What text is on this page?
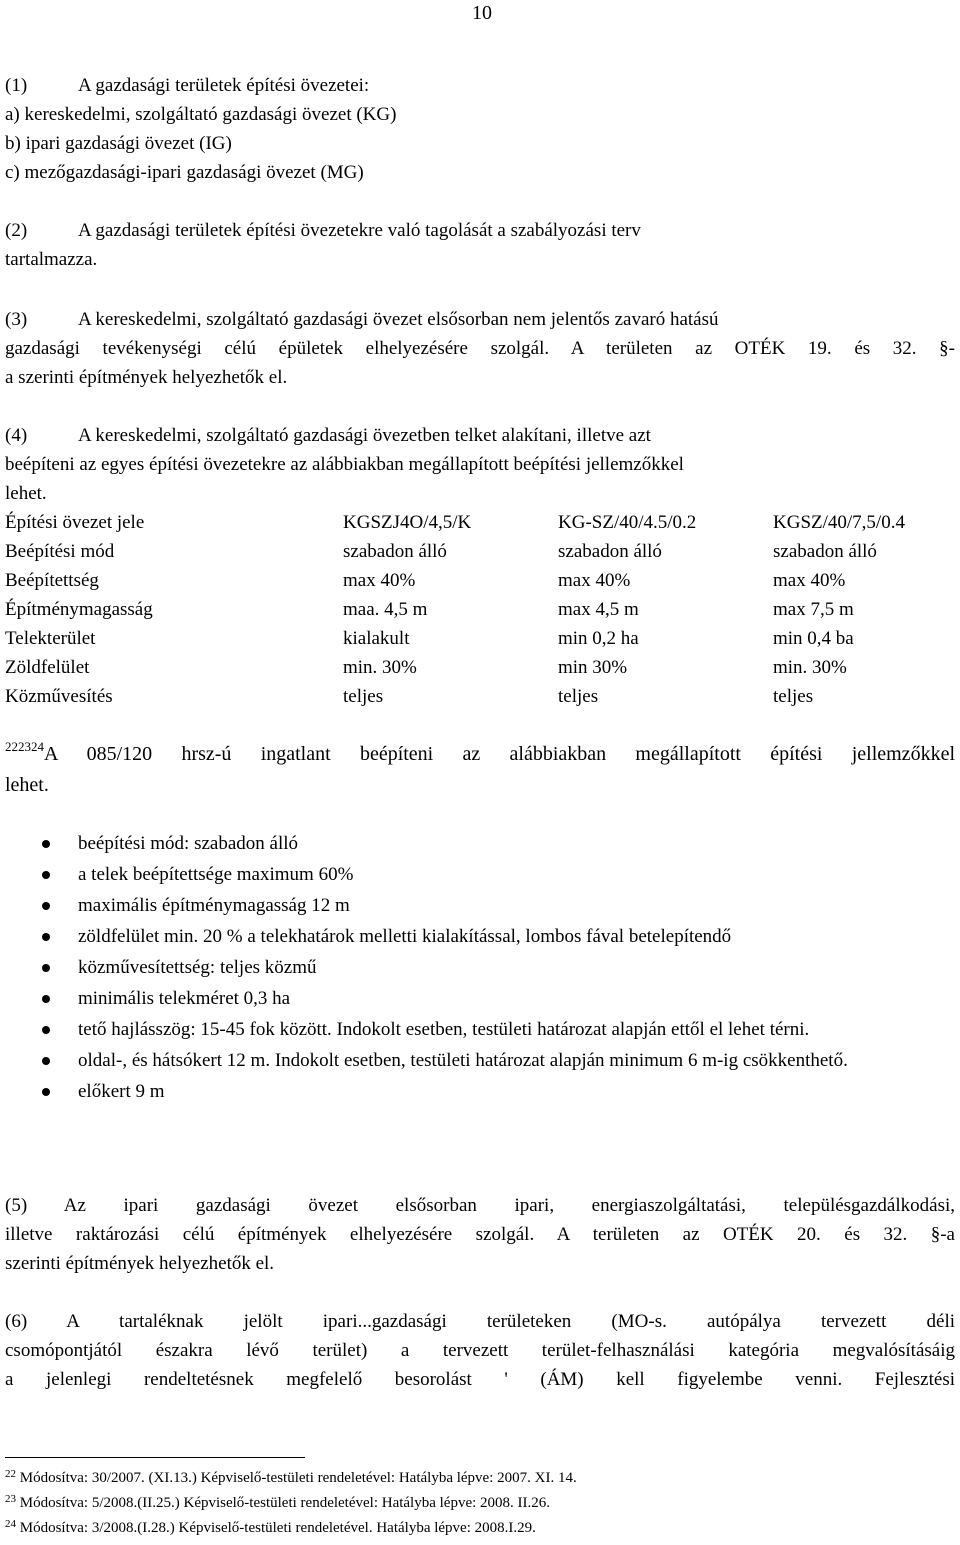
10
(1)	A gazdasági területek építési övezetei:
a) kereskedelmi, szolgáltató gazdasági övezet (KG)
b) ipari gazdasági övezet (IG)
c) mezőgazdasági-ipari gazdasági övezet (MG)
(2)	A gazdasági területek építési övezetekre való tagolását a szabályozási terv
tartalmazza.
(3)	A kereskedelmi, szolgáltató gazdasági övezet elsősorban nem jelentős zavaró hatású
gazdasági tevékenységi célú épületek elhelyezésére szolgál. A területen az OTÉK 19. és 32. §-
a szerinti építmények helyezhetők el.
(4)	A kereskedelmi, szolgáltató gazdasági övezetben telket alakítani, illetve azt
beépíteni az egyes építési övezetekre az alábbiakban megállapított beépítési jellemzőkkel
lehet.
Építési övezet jele	KGSZJ4O/4,5/K	KG-SZ/40/4.5/0.2	KGSZ/40/7,5/0.4
Beépítési mód	szabadon álló	szabadon álló	szabadon álló
Beépítettség	max 40%	max 40%	max 40%
Építménymagasság	maa. 4,5 m	max 4,5 m	max 7,5 m
Telekterület	kialakult	min 0,2 ha	min 0,4 ba
Zöldfelület	min. 30%	min 30%	min. 30%
Közművesítés	teljes	teljes	teljes
$^{222324}$A 085/120 hrsz-ú ingatlant beépíteni az alábbiakban megállapított építési jellemzőkkel
lehet.
beépítési mód: szabadon álló
a telek beépítettsége maximum 60%
maximális építménymagasság 12 m
zöldfelület min. 20 % a telekhatárok melletti kialakítással, lombos fával betelepítendő
közművesítettség: teljes közmű
minimális telekméret 0,3 ha
tető hajlásszög: 15-45 fok között. Indokolt esetben, testületi határozat alapján ettől el lehet térni.
oldal-, és hátsókert 12 m. Indokolt esetben, testületi határozat alapján minimum 6 m-ig csökkenthető.
előkert 9 m
(5) Az ipari gazdasági övezet elsősorban ipari, energiaszolgáltatási, településgazdálkodási,
illetve raktározási célú építmények elhelyezésére szolgál. A területen az OTÉK 20. és 32. §-a
szerinti építmények helyezhetők el.
(6) A tartaléknak jelölt ipari...gazdasági területeken (MO-s. autópálya tervezett déli
csomópontjától északra lévő terület) a tervezett terület-felhasználási kategória megvalósításáig
a jelenlegi rendeltetésnek megfelelő besorolást ' (ÁM) kell figyelembe venni. Fejlesztési
$^{22}$ Módosítva: 30/2007. (XI.13.) Képviselő-testületi rendeletével: Hatályba lépve: 2007. XI. 14.
$^{23}$ Módosítva: 5/2008.(II.25.) Képviselő-testületi rendeletével: Hatályba lépve: 2008. II.26.
$^{24}$ Módosítva: 3/2008.(I.28.) Képviselő-testületi rendeletével. Hatályba lépve: 2008.I.29.
